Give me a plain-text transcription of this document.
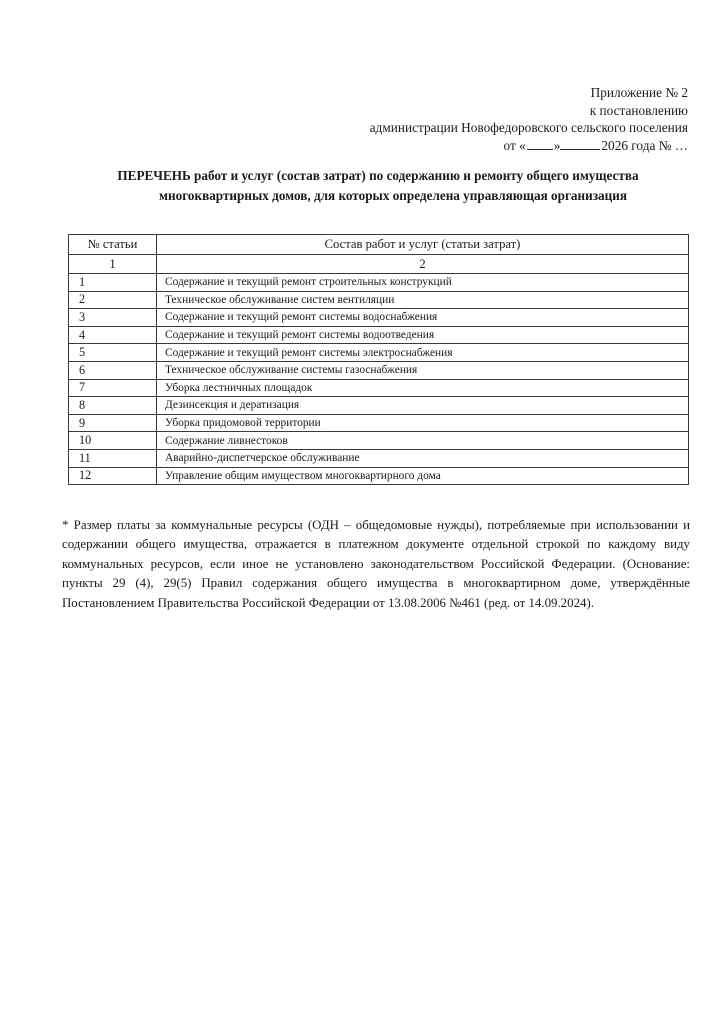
Приложение № 2
к постановлению
администрации Новофедоровского сельского поселения
от « »	2026 года № …
ПЕРЕЧЕНЬ работ и услуг (состав затрат) по содержанию и ремонту общего имущества
многоквартирных домов, для которых определена управляющая организация
№ статьи	Состав работ и услуг (статьи затрат)
1	2
1	Содержание и текущий ремонт строительных конструкций
2	Техническое обслуживание систем вентиляции
3	Содержание и текущий ремонт системы водоснабжения
4	Содержание и текущий ремонт системы водоотведения
5	Содержание и текущий ремонт системы электроснабжения
6	Техническое обслуживание системы газоснабжения
7	Уборка лестничных площадок
8	Дезинсекция и дератизация
9	Уборка придомовой территории
10	Содержание ливнестоков
11	Аварийно-диспетчерское обслуживание
12	Управление общим имуществом многоквартирного дома

* Размер платы за коммунальные ресурсы (ОДН – общедомовые нужды), потребляемые при использовании и содержании общего имущества, отражается в платежном документе отдельной строкой по каждому виду коммунальных ресурсов, если иное не установлено законодательством Российской Федерации. (Основание: пункты 29 (4), 29(5) Правил содержания общего имущества в многоквартирном доме, утверждённые Постановлением Правительства Российской Федерации от 13.08.2006 №461 (ред. от 14.09.2024).
